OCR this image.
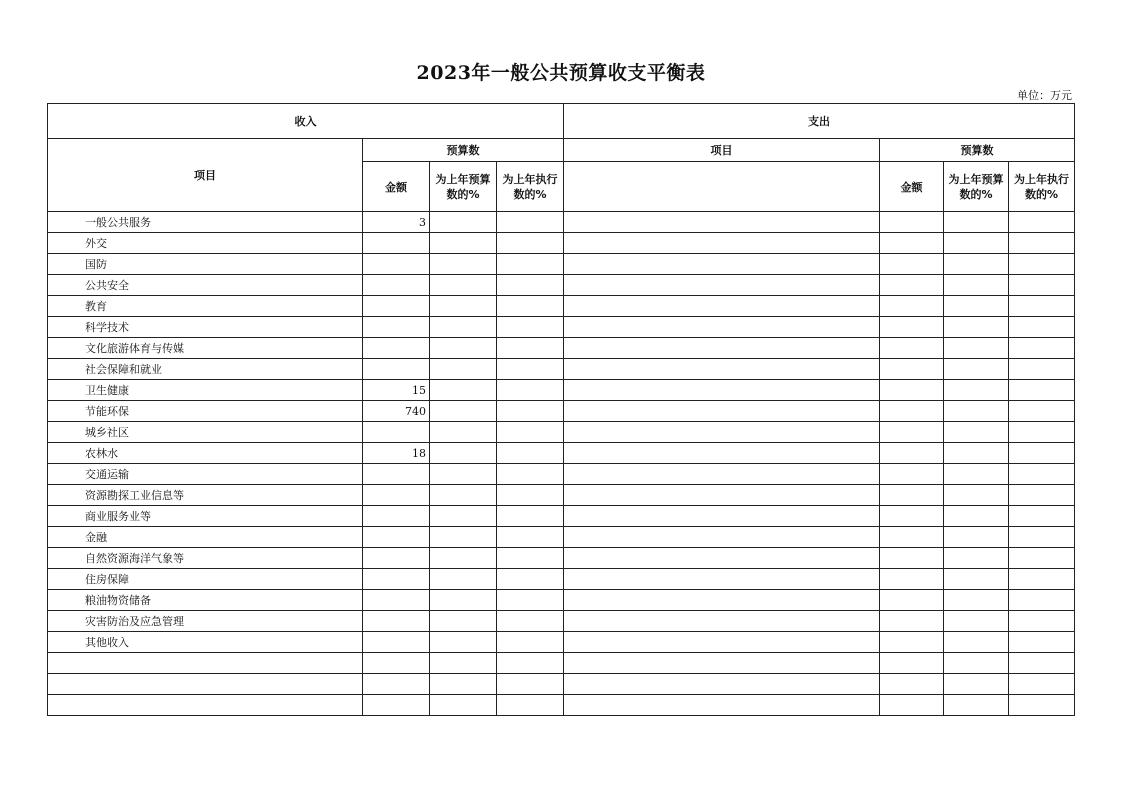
2023年一般公共预算收支平衡表
单位：万元
收入				支出			
项目	预算数			项目	预算数		
	金额	为上年预算数的%	为上年执行数的%		金额	为上年预算数的%	为上年执行数的%
一般公共服务	3						
外交							
国防							
公共安全							
教育							
科学技术							
文化旅游体育与传媒							
社会保障和就业							
卫生健康	15						
节能环保	740						
城乡社区							
农林水	18						
交通运输							
资源勘探工业信息等							
商业服务业等							
金融							
自然资源海洋气象等							
住房保障							
粮油物资储备							
灾害防治及应急管理							
其他收入							
